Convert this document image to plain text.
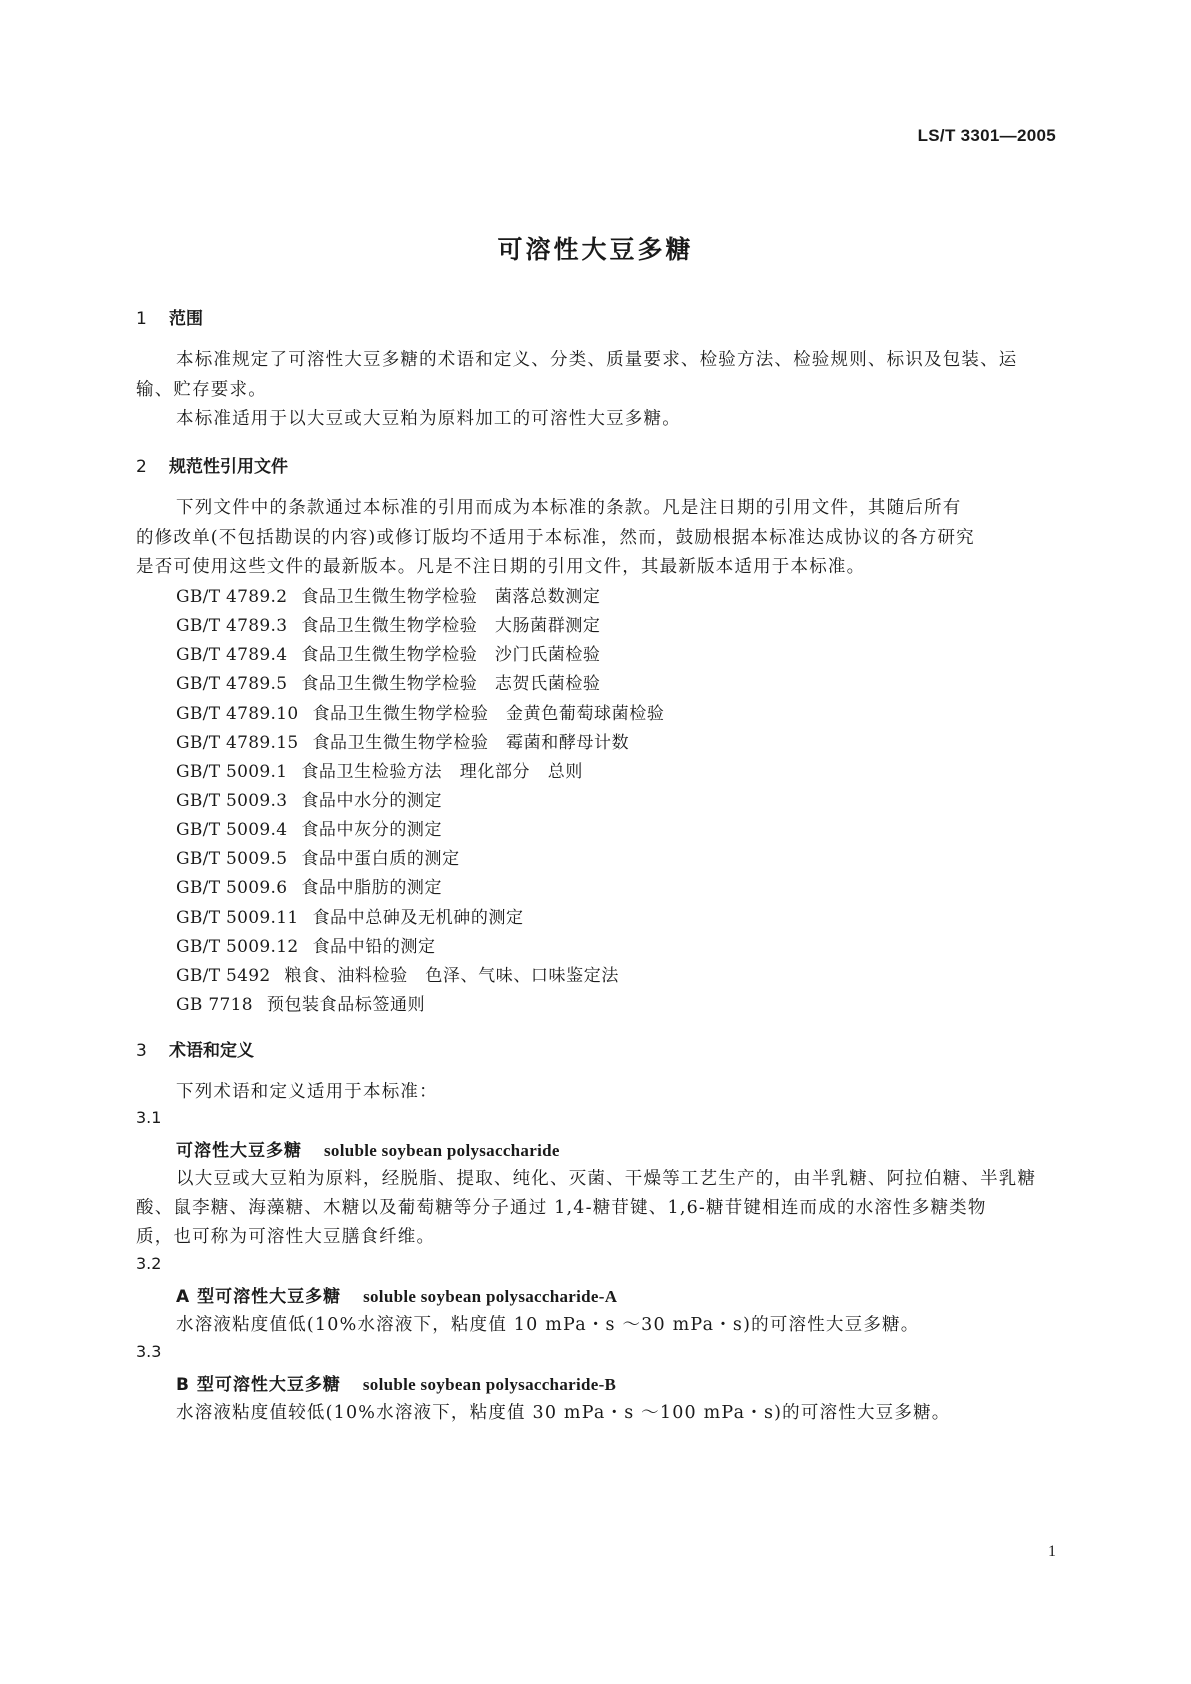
LS/T 3301—2005
可溶性大豆多糖
1 范围
本标准规定了可溶性大豆多糖的术语和定义、分类、质量要求、检验方法、检验规则、标识及包装、运
输、贮存要求。
本标准适用于以大豆或大豆粕为原料加工的可溶性大豆多糖。
2 规范性引用文件
下列文件中的条款通过本标准的引用而成为本标准的条款。凡是注日期的引用文件，其随后所有
的修改单(不包括勘误的内容)或修订版均不适用于本标准，然而，鼓励根据本标准达成协议的各方研究
是否可使用这些文件的最新版本。凡是不注日期的引用文件，其最新版本适用于本标准。
GB/T 4789.2 食品卫生微生物学检验　菌落总数测定
GB/T 4789.3 食品卫生微生物学检验　大肠菌群测定
GB/T 4789.4 食品卫生微生物学检验　沙门氏菌检验
GB/T 4789.5 食品卫生微生物学检验　志贺氏菌检验
GB/T 4789.10 食品卫生微生物学检验　金黄色葡萄球菌检验
GB/T 4789.15 食品卫生微生物学检验　霉菌和酵母计数
GB/T 5009.1 食品卫生检验方法　理化部分　总则
GB/T 5009.3 食品中水分的测定
GB/T 5009.4 食品中灰分的测定
GB/T 5009.5 食品中蛋白质的测定
GB/T 5009.6 食品中脂肪的测定
GB/T 5009.11 食品中总砷及无机砷的测定
GB/T 5009.12 食品中铅的测定
GB/T 5492 粮食、油料检验　色泽、气味、口味鉴定法
GB 7718 预包装食品标签通则
3 术语和定义
下列术语和定义适用于本标准：
3.1
可溶性大豆多糖 soluble soybean polysaccharide
以大豆或大豆粕为原料，经脱脂、提取、纯化、灭菌、干燥等工艺生产的，由半乳糖、阿拉伯糖、半乳糖
酸、鼠李糖、海藻糖、木糖以及葡萄糖等分子通过 1,4-糖苷键、1,6-糖苷键相连而成的水溶性多糖类物
质，也可称为可溶性大豆膳食纤维。
3.2
A 型可溶性大豆多糖 soluble soybean polysaccharide-A
水溶液粘度值低(10%水溶液下，粘度值 10 mPa・s ～30 mPa・s)的可溶性大豆多糖。
3.3
B 型可溶性大豆多糖 soluble soybean polysaccharide-B
水溶液粘度值较低(10%水溶液下，粘度值 30 mPa・s ～100 mPa・s)的可溶性大豆多糖。
1
